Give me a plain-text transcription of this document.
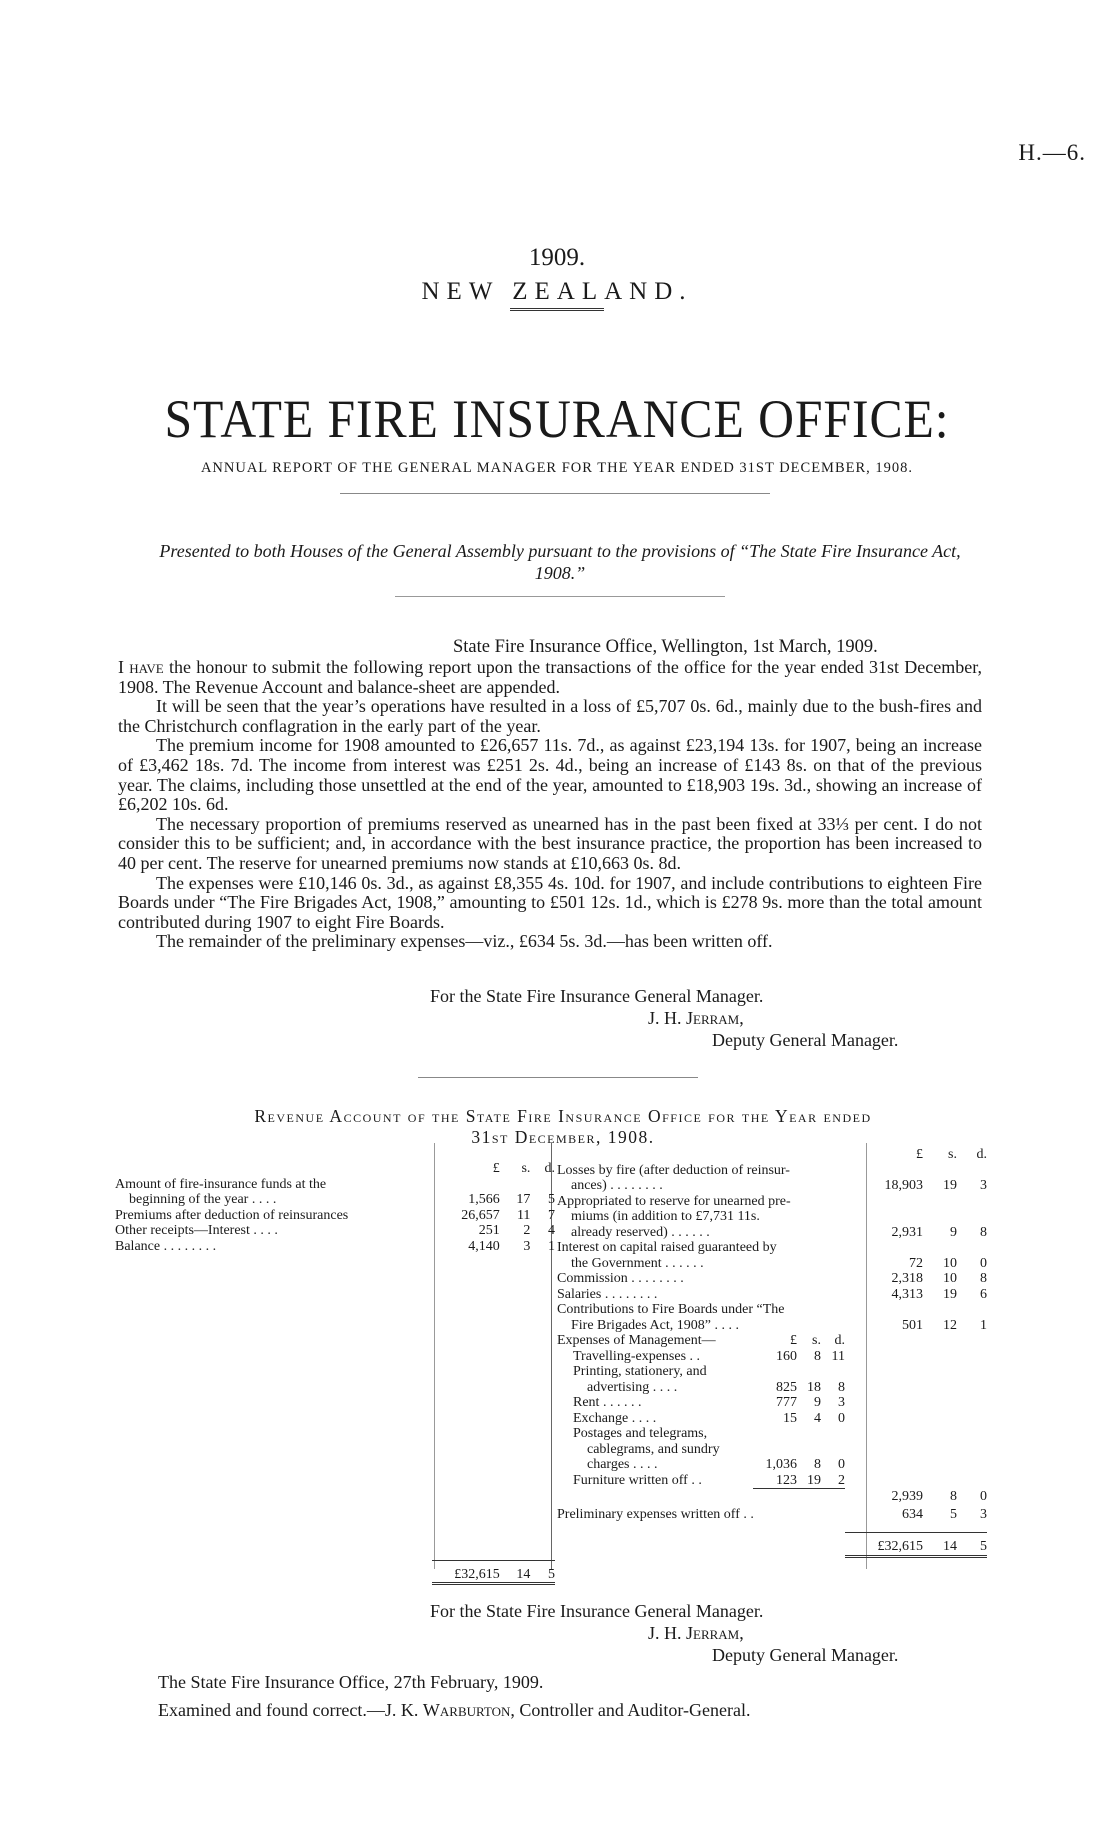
H.—6.
1909.
NEW ZEALAND.
STATE FIRE INSURANCE OFFICE:
ANNUAL REPORT OF THE GENERAL MANAGER FOR THE YEAR ENDED 31ST DECEMBER, 1908.
Presented to both Houses of the General Assembly pursuant to the provisions of “The State Fire Insurance Act, 1908.”
State Fire Insurance Office, Wellington, 1st March, 1909.

I have the honour to submit the following report upon the transactions of the office for the year ended 31st December, 1908. The Revenue Account and balance-sheet are appended.

It will be seen that the year’s operations have resulted in a loss of £5,707 0s. 6d., mainly due to the bush-fires and the Christchurch conflagration in the early part of the year.

The premium income for 1908 amounted to £26,657 11s. 7d., as against £23,194 13s. for 1907, being an increase of £3,462 18s. 7d. The income from interest was £251 2s. 4d., being an increase of £143 8s. on that of the previous year. The claims, including those unsettled at the end of the year, amounted to £18,903 19s. 3d., showing an increase of £6,202 10s. 6d.

The necessary proportion of premiums reserved as unearned has in the past been fixed at 33⅓ per cent. I do not consider this to be sufficient; and, in accordance with the best insurance practice, the proportion has been increased to 40 per cent. The reserve for unearned premiums now stands at £10,663 0s. 8d.

The expenses were £10,146 0s. 3d., as against £8,355 4s. 10d. for 1907, and include contributions to eighteen Fire Boards under “The Fire Brigades Act, 1908,” amounting to £501 12s. 1d., which is £278 9s. more than the total amount contributed during 1907 to eight Fire Boards.

The remainder of the preliminary expenses—viz., £634 5s. 3d.—has been written off.

For the State Fire Insurance General Manager.
J. H. Jerram,
Deputy General Manager.
Revenue Account of the State Fire Insurance Office for the Year ended
31st December, 1908.
	£	s.	d.
Amount of fire-insurance funds at the			
beginning of the year . . . .	1,566	17	5
Premiums after deduction of reinsurances	26,657	11	7
Other receipts—Interest . . . .	251	2	4
Balance . . . . . . . .	4,140	3	1

	£32,615	14	5

				£	s.	d.
Losses by fire (after deduction of reinsur-						
ances) . . . . . . . .				18,903	19	3
Appropriated to reserve for unearned pre-						
miums (in addition to £7,731 11s.						
already reserved) . . . . . .				2,931	9	8
Interest on capital raised guaranteed by						
the Government . . . . . .				72	10	0
Commission . . . . . . . .				2,318	10	8
Salaries . . . . . . . .				4,313	19	6
Contributions to Fire Boards under “The						
Fire Brigades Act, 1908” . . . .				501	12	1
Expenses of Management—	£	s.	d.			
Travelling-expenses . .	160	8	11			
Printing, stationery, and						
advertising . . . .	825	18	8			
Rent . . . . . .	777	9	3			
Exchange . . . .	15	4	0			
Postages and telegrams,						
cablegrams, and sundry						
charges . . . .	1,036	8	0			
Furniture written off . .	123	19	2			
				2,939	8	0
Preliminary expenses written off . .				634	5	3

				£32,615	14	5

For the State Fire Insurance General Manager.
J. H. Jerram,
Deputy General Manager.
The State Fire Insurance Office, 27th February, 1909.
Examined and found correct.—J. K. Warburton, Controller and Auditor-General.
